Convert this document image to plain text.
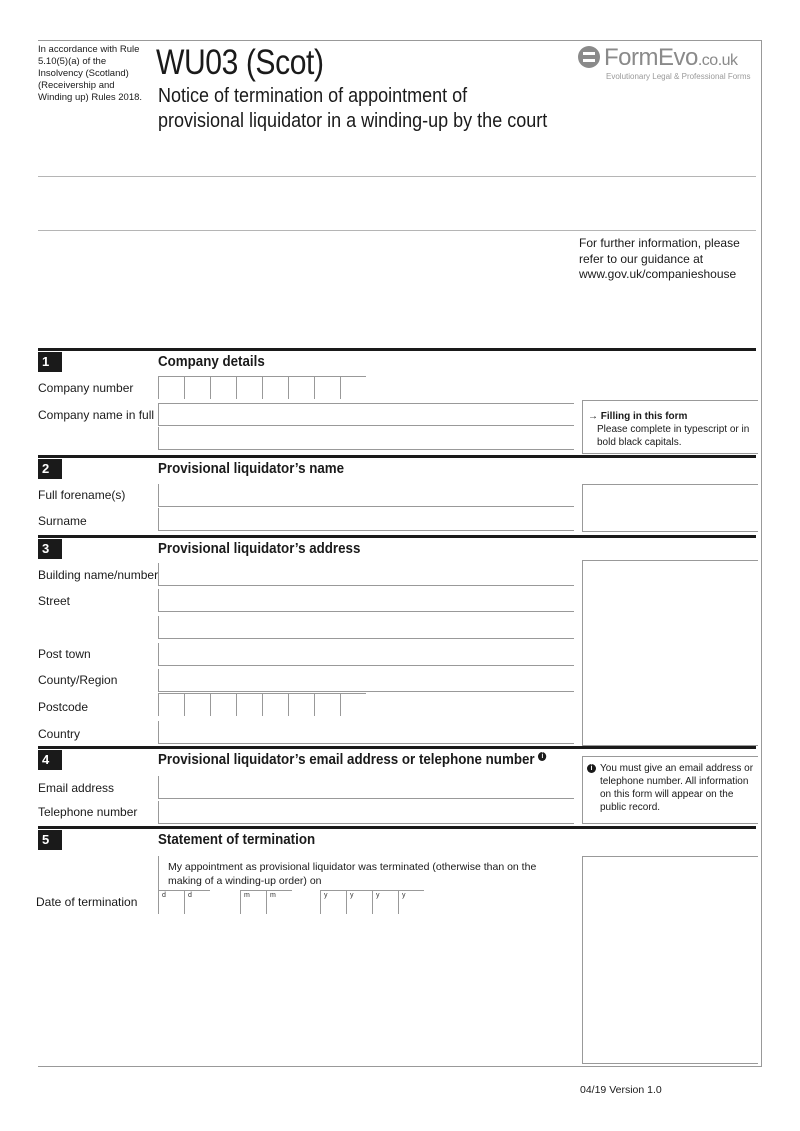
In accordance with Rule 5.10(5)(a) of the Insolvency (Scotland) (Receivership and Winding up) Rules 2018.
WU03 (Scot)
Notice of termination of appointment of provisional liquidator in a winding-up by the court
FormEvo.co.uk
Evolutionary Legal & Professional Forms
For further information, please refer to our guidance at www.gov.uk/companieshouse
1	Company details
Company number
Company name in full	→ Filling in this form
Please complete in typescript or in bold black capitals.
2	Provisional liquidator’s name
Full forename(s)
Surname
3	Provisional liquidator’s address
Building name/number
Street
Post town
County/Region
Postcode
Country
4	Provisional liquidator’s email address or telephone number i
Email address
Telephone number
i You must give an email address or telephone number. All information on this form will appear on the public record.
5	Statement of termination
My appointment as provisional liquidator was terminated (otherwise than on the making of a winding-up order) on
Date of termination	d	d	m	m	y	y	y	y
04/19 Version 1.0
